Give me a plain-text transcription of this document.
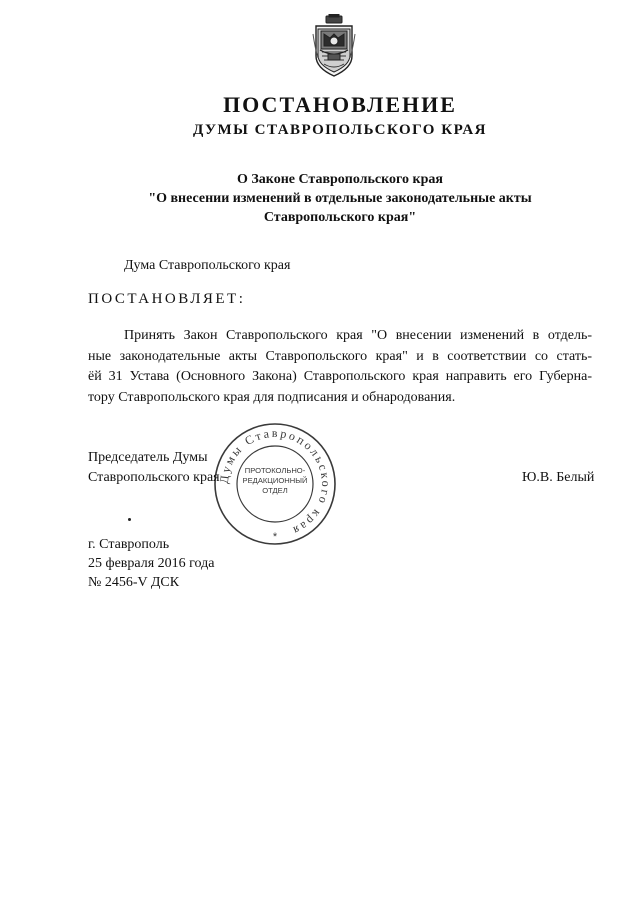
ПОСТАНОВЛЕНИЕ
ДУМЫ СТАВРОПОЛЬСКОГО КРАЯ
О Законе Ставропольского края
"О внесении изменений в отдельные законодательные акты
Ставропольского края"
Дума Ставропольского края
ПОСТАНОВЛЯЕТ:
Принять Закон Ставропольского края "О внесении изменений в отдель-
ные законодательные акты Ставропольского края" и в соответствии со стать-
ёй 31 Устава (Основного Закона) Ставропольского края направить его Губерна-
тору Ставропольского края для подписания и обнародования.
Думы Ставропольского края
ПРОТОКОЛЬНО-
РЕДАКЦИОННЫЙ
ОТДЕЛ
*
Председатель Думы
Ставропольского края	Ю.В. Белый
г. Ставрополь
25 февраля 2016 года
№ 2456-V ДСК
